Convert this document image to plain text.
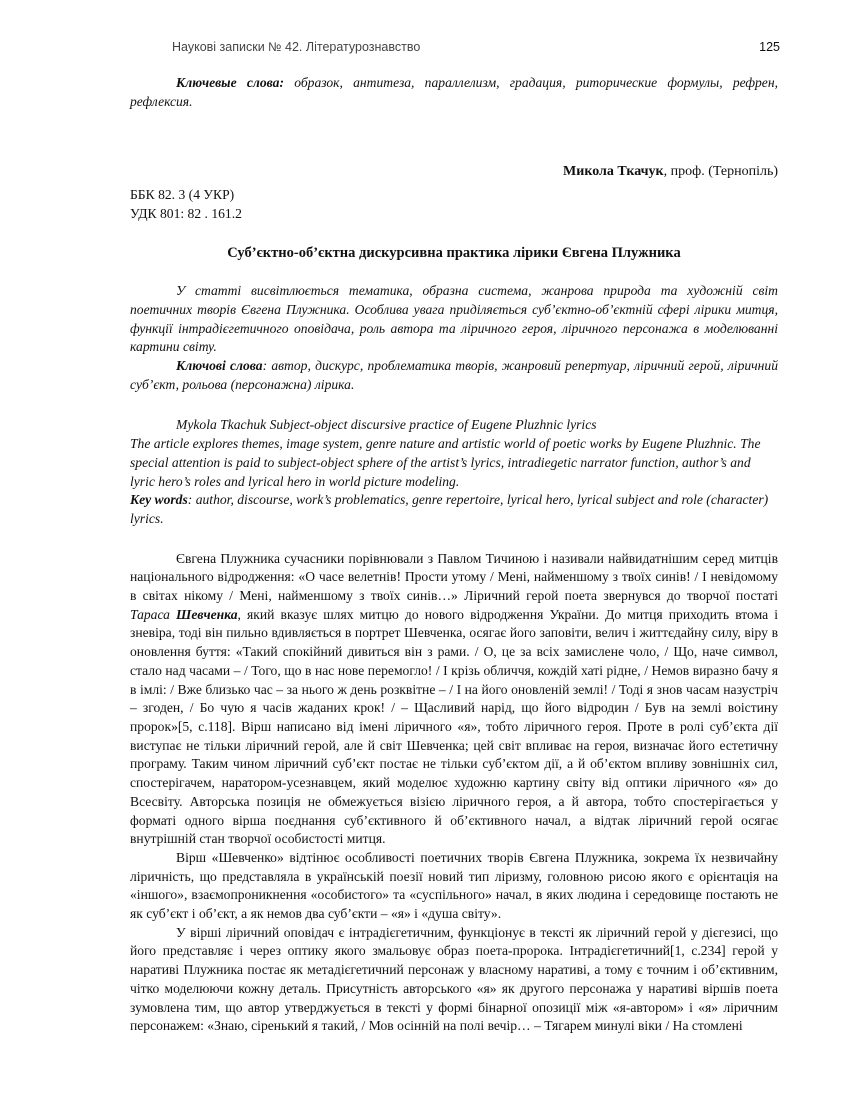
Наукові записки № 42. Літературознавство	125

Ключевые слова: образок, антитеза, параллелизм, градация, риторические формулы, рефрен, рефлексия.

Микола Ткачук, проф. (Тернопіль)

ББК 82. 3 (4 УКР)

УДК 801: 82 . 161.2

Суб’єктно-об’єктна дискурсивна практика лірики Євгена Плужника

У статті висвітлюється тематика, образна система, жанрова природа та художній світ поетичних творів Євгена Плужника. Особлива увага приділяється суб’єктно-об’єктній сфері лірики митця, функції інтрадієгетичного оповідача, роль автора та ліричного героя, ліричного персонажа в моделюванні картини світу.

Ключові слова: автор, дискурс, проблематика творів, жанровий репертуар, ліричний герой, ліричний суб’єкт, рольова (персонажна) лірика.

Mykola Tkachuk Subject-object discursive practice of Eugene Pluzhnic lyrics

The article explores themes, image system, genre nature and artistic world of poetic works by Eugene Pluzhnic. The special attention is paid to subject-object sphere of the artist’s lyrics, intradiegetic narrator function, author’s and lyric hero’s roles and lyrical hero in world picture modeling.

Key words: author, discourse, work’s problematics, genre repertoire, lyrical hero, lyrical subject and role (character) lyrics.

Євгена Плужника сучасники порівнювали з Павлом Тичиною і називали найвидатнішим серед митців національного відродження: «О часе велетнів! Прости утому / Мені, найменшому з твоїх синів! / І невідомому в світах нікому / Мені, найменшому з твоїх синів…» Ліричний герой поета звернувся до творчої постаті Тараса Шевченка, який вказує шлях митцю до нового відродження України. До митця приходить втома і зневіра, тоді він пильно вдивляється в портрет Шевченка, осягає його заповіти, велич і життєдайну силу, віру в оновлення буття: «Такий спокійний дивиться він з рами. / О, це за всіх замислене чоло, / Що, наче символ, стало над часами – / Того, що в нас нове перемогло! / І крізь обличчя, кождій хаті рідне, / Немов виразно бачу я в імлі: / Вже близько час – за нього ж день розквітне – / І на його оновленій землі! / Тоді я знов часам назустріч – згоден, / Бо чую я часів жаданих крок! / – Щасливий нарід, що його відродин / Був на землі воістину пророк»[5, с.118]. Вірш написано від імені ліричного «я», тобто ліричного героя. Проте в ролі суб’єкта дії виступає не тільки ліричний герой, але й світ Шевченка; цей світ впливає на героя, визначає його естетичну програму. Таким чином ліричний суб’єкт постає не тільки суб’єктом дії, а й об’єктом впливу зовнішніх сил, спостерігачем, наратором-усезнавцем, який моделює художню картину світу від оптики ліричного «я» до Всесвіту. Авторська позиція не обмежується візією ліричного героя, а й автора, тобто спостерігається у форматі одного вірша поєднання суб’єктивного й об’єктивного начал, а відтак ліричний герой осягає внутрішній стан творчої особистості митця.

Вірш «Шевченко» відтінює особливості поетичних творів Євгена Плужника, зокрема їх незвичайну ліричність, що представляла в українській поезії новий тип ліризму, головною рисою якого є орієнтація на «іншого», взаємопроникнення «особистого» та «суспільного» начал, в яких людина і середовище постають не як суб’єкт і об’єкт, а як немов два суб’єкти – «я» і «душа світу».

У вірші ліричний оповідач є інтрадієгетичним, функціонує в тексті як ліричний герой у дієгезисі, що його представляє і через оптику якого змальовує образ поета-пророка. Інтрадієгетичний[1, с.234] герой у наративі Плужника постає як метадієгетичний персонаж у власному наративі, а тому є точним і об’єктивним, чітко моделюючи кожну деталь. Присутність авторського «я» як другого персонажа у наративі віршів поета зумовлена тим, що автор утверджується в тексті у формі бінарної опозиції між «я-автором» і «я» ліричним персонажем: «Знаю, сіренький я такий, / Мов осінній на полі вечір… – Тягарем минулі віки / На стомлені
